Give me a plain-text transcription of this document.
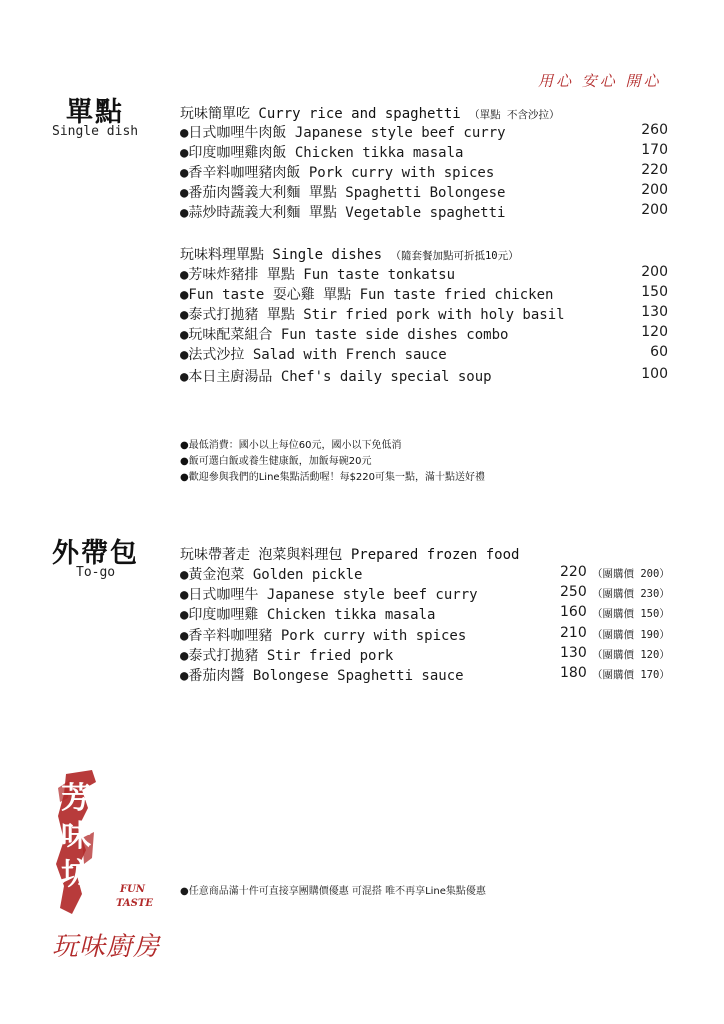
用心 安心 開心
單點
Single dish
玩味簡單吃 Curry rice and spaghetti （單點 不含沙拉）
●日式咖哩牛肉飯 Japanese style beef curry	260
●印度咖哩雞肉飯 Chicken tikka masala	170
●香辛料咖哩豬肉飯 Pork curry with spices	220
●番茄肉醬義大利麵 單點 Spaghetti Bolongese	200
●蒜炒時蔬義大利麵 單點 Vegetable spaghetti	200
玩味料理單點 Single dishes （隨套餐加點可折抵10元）
●芳味炸豬排 單點 Fun taste tonkatsu	200
●Fun taste 耍心雞 單點 Fun taste fried chicken	150
●泰式打拋豬 單點 Stir fried pork with holy basil	130
●玩味配菜組合 Fun taste side dishes combo	120
●法式沙拉 Salad with French sauce	60
●本日主廚湯品 Chef's daily special soup	100
●最低消費：國小以上每位60元，國小以下免低消
●飯可選白飯或養生健康飯，加飯每碗20元
●歡迎參與我們的Line集點活動喔！每$220可集一點，滿十點送好禮
外帶包
To-go
玩味帶著走 泡菜與料理包 Prepared frozen food
●黃金泡菜 Golden pickle	220 （團購價 200）
●日式咖哩牛 Japanese style beef curry	250 （團購價 230）
●印度咖哩雞 Chicken tikka masala	160 （團購價 150）
●香辛料咖哩豬 Pork curry with spices	210 （團購價 190）
●泰式打拋豬 Stir fried pork	130 （團購價 120）
●番茄肉醬 Bolongese Spaghetti sauce	180 （團購價 170）
芳
味
坊	FUN
TASTE
玩味廚房
●任意商品滿十件可直接享團購價優惠 可混搭 唯不再享Line集點優惠
